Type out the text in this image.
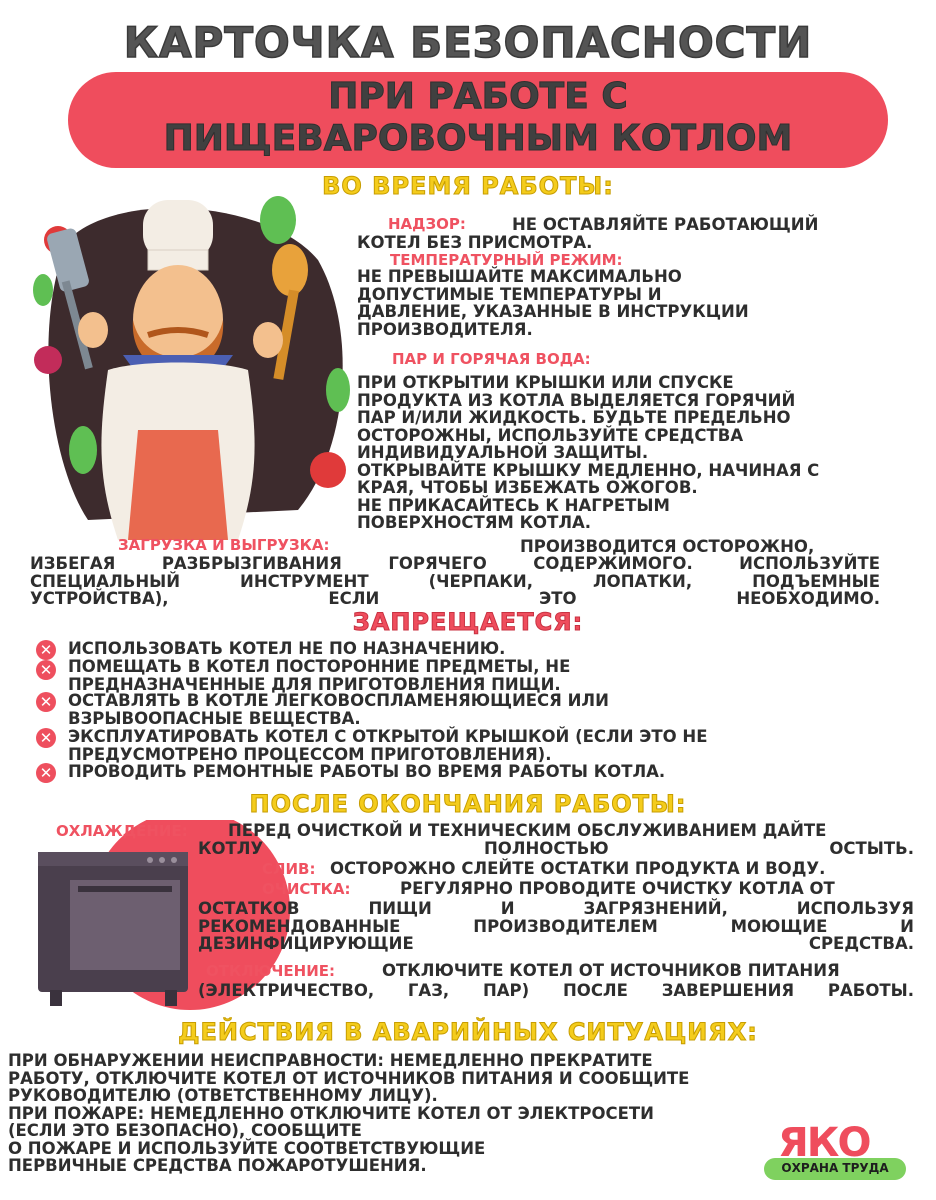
КАРТОЧКА БЕЗОПАСНОСТИ
ПРИ РАБОТЕ С
ПИЩЕВАРОВОЧНЫМ КОТЛОМ
ВО ВРЕМЯ РАБОТЫ:
НАДЗОР:	НЕ ОСТАВЛЯЙТЕ РАБОТАЮЩИЙ
КОТЕЛ БЕЗ ПРИСМОТРА.
ТЕМПЕРАТУРНЫЙ РЕЖИМ:
НЕ ПРЕВЫШАЙТЕ МАКСИМАЛЬНО
ДОПУСТИМЫЕ ТЕМПЕРАТУРЫ И
ДАВЛЕНИЕ, УКАЗАННЫЕ В ИНСТРУКЦИИ
ПРОИЗВОДИТЕЛЯ.
ПАР И ГОРЯЧАЯ ВОДА:
ПРИ ОТКРЫТИИ КРЫШКИ ИЛИ СПУСКЕ
ПРОДУКТА ИЗ КОТЛА ВЫДЕЛЯЕТСЯ ГОРЯЧИЙ
ПАР И/ИЛИ ЖИДКОСТЬ. БУДЬТЕ ПРЕДЕЛЬНО
ОСТОРОЖНЫ, ИСПОЛЬЗУЙТЕ СРЕДСТВА
ИНДИВИДУАЛЬНОЙ ЗАЩИТЫ.
ОТКРЫВАЙТЕ КРЫШКУ МЕДЛЕННО, НАЧИНАЯ С
КРАЯ, ЧТОБЫ ИЗБЕЖАТЬ ОЖОГОВ.
НЕ ПРИКАСАЙТЕСЬ К НАГРЕТЫМ
ПОВЕРХНОСТЯМ КОТЛА.
ЗАГРУЗКА И ВЫГРУЗКА:	ПРОИЗВОДИТСЯ ОСТОРОЖНО,
ИЗБЕГАЯ РАЗБРЫЗГИВАНИЯ ГОРЯЧЕГО СОДЕРЖИМОГО. ИСПОЛЬЗУЙТЕ
СПЕЦИАЛЬНЫЙ ИНСТРУМЕНТ (ЧЕРПАКИ, ЛОПАТКИ, ПОДЪЕМНЫЕ
УСТРОЙСТВА), ЕСЛИ ЭТО НЕОБХОДИМО.
ЗАПРЕЩАЕТСЯ:
✕ ИСПОЛЬЗОВАТЬ КОТЕЛ НЕ ПО НАЗНАЧЕНИЮ.
ПОМЕЩАТЬ В КОТЕЛ ПОСТОРОННИЕ ПРЕДМЕТЫ, НЕ
ПРЕДНАЗНАЧЕННЫЕ ДЛЯ ПРИГОТОВЛЕНИЯ ПИЩИ.
✕ ОСТАВЛЯТЬ В КОТЛЕ ЛЕГКОВОСПЛАМЕНЯЮЩИЕСЯ ИЛИ
ВЗРЫВООПАСНЫЕ ВЕЩЕСТВА.
✕ ЭКСПЛУАТИРОВАТЬ КОТЕЛ С ОТКРЫТОЙ КРЫШКОЙ (ЕСЛИ ЭТО НЕ
ПРЕДУСМОТРЕНО ПРОЦЕССОМ ПРИГОТОВЛЕНИЯ).
✕ ПРОВОДИТЬ РЕМОНТНЫЕ РАБОТЫ ВО ВРЕМЯ РАБОТЫ КОТЛА.
✕
ПОСЛЕ ОКОНЧАНИЯ РАБОТЫ:
ОХЛАЖДЕНИЕ: ПЕРЕД ОЧИСТКОЙ И ТЕХНИЧЕСКИМ ОБСЛУЖИВАНИЕМ ДАЙТЕ
КОТЛУ ПОЛНОСТЬЮ ОСТЫТЬ.
СЛИВ: ОСТОРОЖНО СЛЕЙТЕ ОСТАТКИ ПРОДУКТА И ВОДУ.
ОЧИСТКА:	РЕГУЛЯРНО ПРОВОДИТЕ ОЧИСТКУ КОТЛА ОТ
ОСТАТКОВ ПИЩИ И ЗАГРЯЗНЕНИЙ, ИСПОЛЬЗУЯ
РЕКОМЕНДОВАННЫЕ ПРОИЗВОДИТЕЛЕМ МОЮЩИЕ И
ДЕЗИНФИЦИРУЮЩИЕ СРЕДСТВА.
ОТКЛЮЧЕНИЕ:	ОТКЛЮЧИТЕ КОТЕЛ ОТ ИСТОЧНИКОВ ПИТАНИЯ
(ЭЛЕКТРИЧЕСТВО, ГАЗ, ПАР) ПОСЛЕ ЗАВЕРШЕНИЯ РАБОТЫ.
ДЕЙСТВИЯ В АВАРИЙНЫХ СИТУАЦИЯХ:
ПРИ ОБНАРУЖЕНИИ НЕИСПРАВНОСТИ: НЕМЕДЛЕННО ПРЕКРАТИТЕ
РАБОТУ, ОТКЛЮЧИТЕ КОТЕЛ ОТ ИСТОЧНИКОВ ПИТАНИЯ И СООБЩИТЕ
РУКОВОДИТЕЛЮ (ОТВЕТСТВЕННОМУ ЛИЦУ).
ПРИ ПОЖАРЕ: НЕМЕДЛЕННО ОТКЛЮЧИТЕ КОТЕЛ ОТ ЭЛЕКТРОСЕТИ
(ЕСЛИ ЭТО БЕЗОПАСНО), СООБЩИТЕ
О ПОЖАРЕ И ИСПОЛЬЗУЙТЕ СООТВЕТСТВУЮЩИЕ
ПЕРВИЧНЫЕ СРЕДСТВА ПОЖАРОТУШЕНИЯ.	ЯКО
ОХРАНА ТРУДА
